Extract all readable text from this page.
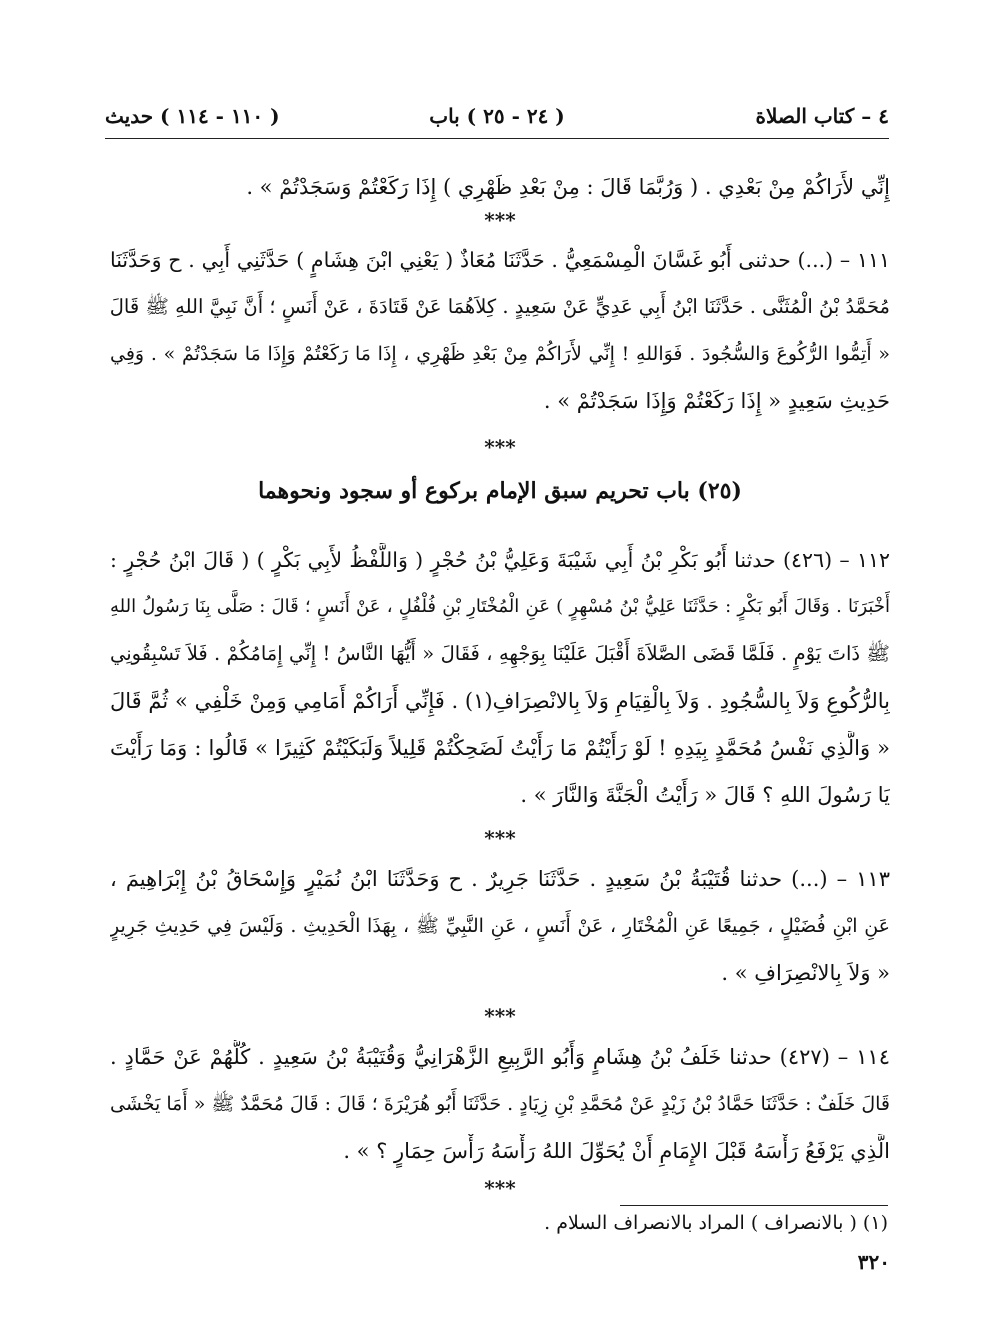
٤ – كتاب الصلاة
( ٢٤ - ٢٥ ) باب
( ١١٠ - ١١٤ ) حديث
إِنِّي لأَرَاكُمْ مِنْ بَعْدِي . ( وَرُبَّمَا قَالَ : مِنْ بَعْدِ ظَهْرِي ) إِذَا رَكَعْتُمْ وَسَجَدْتُمْ » .
***
١١١ – (...) حدثنى أَبُو غَسَّانَ الْمِسْمَعِيُّ . حَدَّثَنَا مُعَاذٌ ( يَعْنِي ابْنَ هِشَامٍ ) حَدَّثَنِي أَبِي . ح وَحَدَّثَنَا
مُحَمَّدُ بْنُ الْمُثَنَّى . حَدَّثَنَا ابْنُ أَبِي عَدِيٍّ عَنْ سَعِيدٍ . كِلاَهُمَا عَنْ قَتَادَةَ ، عَنْ أَنَسٍ ؛ أَنَّ نَبِيَّ اللهِ ﷺ قَالَ
« أَتِمُّوا الرُّكُوعَ وَالسُّجُودَ . فَوَاللهِ ! إِنِّي لأَرَاكُمْ مِنْ بَعْدِ ظَهْرِي ، إِذَا مَا رَكَعْتُمْ وَإِذَا مَا سَجَدْتُمْ » . وَفِي
حَدِيثِ سَعِيدٍ « إِذَا رَكَعْتُمْ وَإِذَا سَجَدْتُمْ » .
***
(٢٥) باب تحريم سبق الإمام بركوع أو سجود ونحوهما
١١٢ – (٤٢٦) حدثنا أَبُو بَكْرِ بْنُ أَبِي شَيْبَةَ وَعَلِيُّ بْنُ حُجْرٍ ( وَاللَّفْظُ لأَبِي بَكْرٍ ) ( قَالَ ابْنُ حُجْرٍ :
أَخْبَرَنَا . وَقَالَ أَبُو بَكْرٍ : حَدَّثَنَا عَلِيُّ بْنُ مُسْهِرٍ ) عَنِ الْمُخْتَارِ بْنِ فُلْفُلٍ ، عَنْ أَنَسٍ ؛ قَالَ : صَلَّى بِنَا رَسُولُ اللهِ
ﷺ ذَاتَ يَوْمٍ . فَلَمَّا قَضَى الصَّلاَةَ أَقْبَلَ عَلَيْنَا بِوَجْهِهِ ، فَقَالَ « أَيُّهَا النَّاسُ ! إِنِّي إِمَامُكُمْ . فَلاَ تَسْبِقُونِي
بِالرُّكُوعِ وَلاَ بِالسُّجُودِ . وَلاَ بِالْقِيَامِ وَلاَ بِالانْصِرَافِ(١) . فَإِنِّي أَرَاكُمْ أَمَامِي وَمِنْ خَلْفِي » ثُمَّ قَالَ
« وَالَّذِي نَفْسُ مُحَمَّدٍ بِيَدِهِ ! لَوْ رَأَيْتُمْ مَا رَأَيْتُ لَضَحِكْتُمْ قَلِيلاً وَلَبَكَيْتُمْ كَثِيرًا » قَالُوا : وَمَا رَأَيْتَ
يَا رَسُولَ اللهِ ؟ قَالَ « رَأَيْتُ الْجَنَّةَ وَالنَّارَ » .
***
١١٣ – (...) حدثنا قُتَيْبَةُ بْنُ سَعِيدٍ . حَدَّثَنَا جَرِيرٌ . ح وَحَدَّثَنَا ابْنُ نُمَيْرٍ وَإِسْحَاقُ بْنُ إِبْرَاهِيمَ ،
عَنِ ابْنِ فُضَيْلٍ ، جَمِيعًا عَنِ الْمُخْتَارِ ، عَنْ أَنَسٍ ، عَنِ النَّبِيِّ ﷺ ، بِهَذَا الْحَدِيثِ . وَلَيْسَ فِي حَدِيثِ جَرِيرٍ
« وَلاَ بِالانْصِرَافِ » .
***
١١٤ – (٤٢٧) حدثنا خَلَفُ بْنُ هِشَامٍ وَأَبُو الرَّبِيعِ الزَّهْرَانِيُّ وَقُتَيْبَةُ بْنُ سَعِيدٍ . كُلُّهُمْ عَنْ حَمَّادٍ .
قَالَ خَلَفٌ : حَدَّثَنَا حَمَّادُ بْنُ زَيْدٍ عَنْ مُحَمَّدِ بْنِ زِيَادٍ . حَدَّثَنَا أَبُو هُرَيْرَةَ ؛ قَالَ : قَالَ مُحَمَّدٌ ﷺ « أَمَا يَخْشَى
الَّذِي يَرْفَعُ رَأْسَهُ قَبْلَ الإِمَامِ أَنْ يُحَوِّلَ اللهُ رَأْسَهُ رَأْسَ حِمَارٍ ؟ » .
***
(١) ( بالانصراف ) المراد بالانصراف السلام .
٣٢٠
